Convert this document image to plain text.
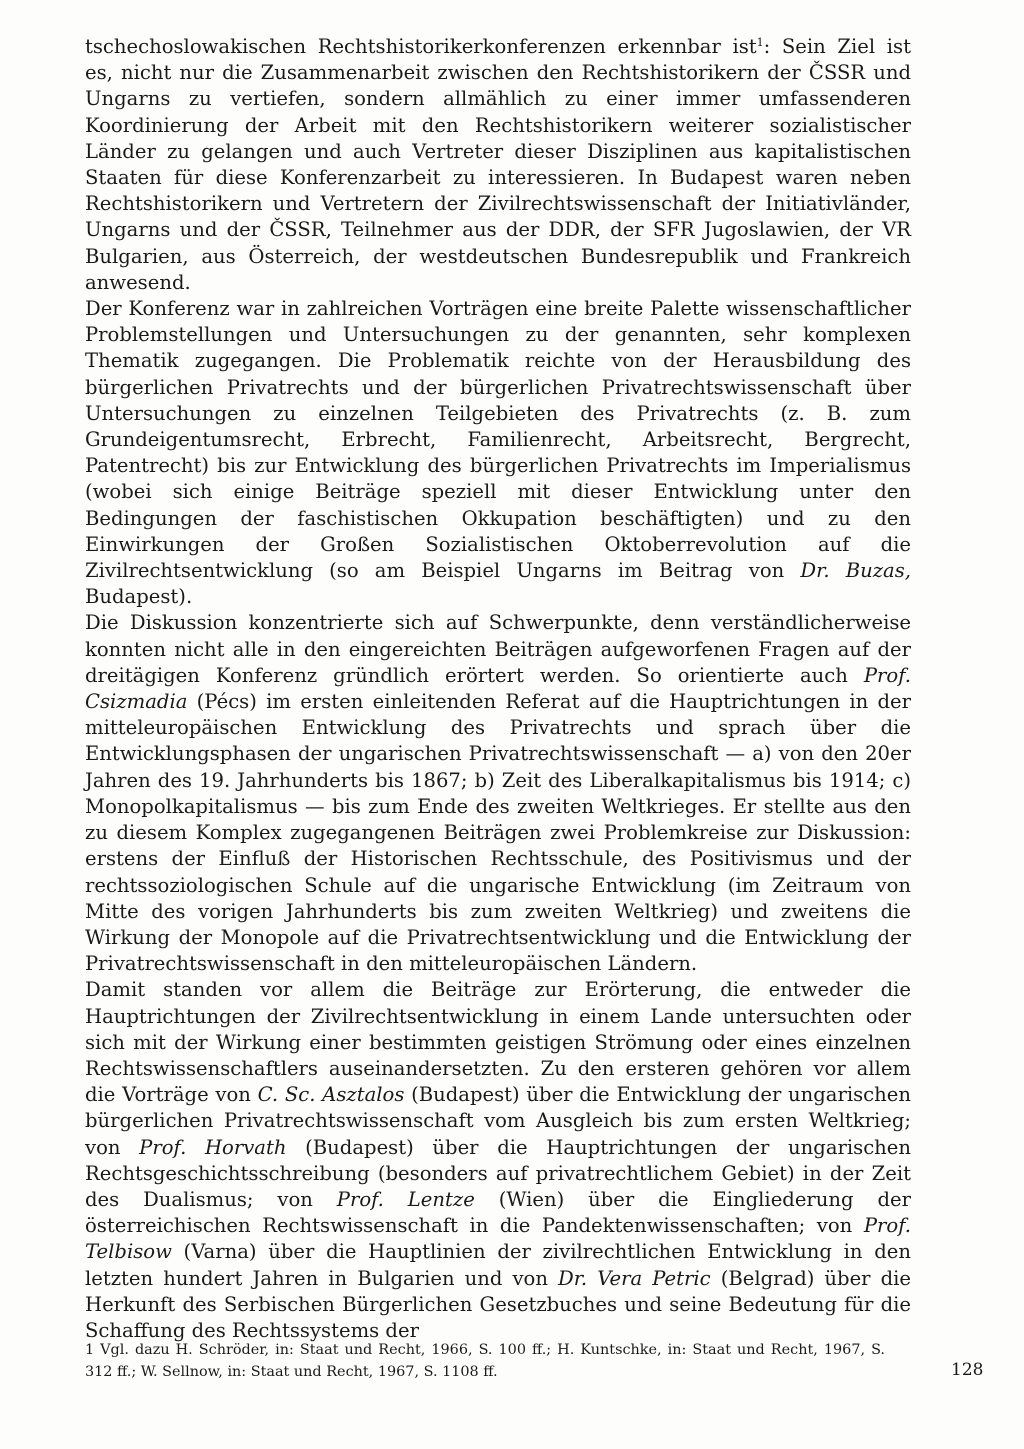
tschechoslowakischen Rechtshistorikerkonferenzen erkennbar ist$^1$: Sein Ziel ist es, nicht nur die Zusammenarbeit zwischen den Rechtshistorikern der ČSSR und Ungarns zu vertiefen, sondern allmählich zu einer immer umfassenderen Koordinierung der Arbeit mit den Rechtshistorikern weiterer sozialistischer Länder zu gelangen und auch Vertreter dieser Disziplinen aus kapitalistischen Staaten für diese Konferenzarbeit zu interessieren. In Budapest waren neben Rechtshistorikern und Vertretern der Zivilrechtswissenschaft der Initiativländer, Ungarns und der ČSSR, Teilnehmer aus der DDR, der SFR Jugoslawien, der VR Bulgarien, aus Österreich, der westdeutschen Bundesrepublik und Frankreich anwesend.

Der Konferenz war in zahlreichen Vorträgen eine breite Palette wissenschaftlicher Problemstellungen und Untersuchungen zu der genannten, sehr komplexen Thematik zugegangen. Die Problematik reichte von der Herausbildung des bürgerlichen Privatrechts und der bürgerlichen Privatrechtswissenschaft über Untersuchungen zu einzelnen Teilgebieten des Privatrechts (z. B. zum Grundeigentumsrecht, Erbrecht, Familienrecht, Arbeitsrecht, Bergrecht, Patentrecht) bis zur Entwicklung des bürgerlichen Privatrechts im Imperialismus (wobei sich einige Beiträge speziell mit dieser Entwicklung unter den Bedingungen der faschistischen Okkupation beschäftigten) und zu den Einwirkungen der Großen Sozialistischen Oktoberrevolution auf die Zivilrechtsentwicklung (so am Beispiel Ungarns im Beitrag von Dr. Buzas, Budapest).

Die Diskussion konzentrierte sich auf Schwerpunkte, denn verständlicherweise konnten nicht alle in den eingereichten Beiträgen aufgeworfenen Fragen auf der dreitägigen Konferenz gründlich erörtert werden. So orientierte auch Prof. Csizmadia (Pécs) im ersten einleitenden Referat auf die Hauptrichtungen in der mitteleuropäischen Entwicklung des Privatrechts und sprach über die Entwicklungsphasen der ungarischen Privatrechtswissenschaft — a) von den 20er Jahren des 19. Jahrhunderts bis 1867; b) Zeit des Liberalkapitalismus bis 1914; c) Monopolkapitalismus — bis zum Ende des zweiten Weltkrieges. Er stellte aus den zu diesem Komplex zugegangenen Beiträgen zwei Problemkreise zur Diskussion: erstens der Einfluß der Historischen Rechtsschule, des Positivismus und der rechtssoziologischen Schule auf die ungarische Entwicklung (im Zeitraum von Mitte des vorigen Jahrhunderts bis zum zweiten Weltkrieg) und zweitens die Wirkung der Monopole auf die Privatrechtsentwicklung und die Entwicklung der Privatrechtswissenschaft in den mitteleuropäischen Ländern.

Damit standen vor allem die Beiträge zur Erörterung, die entweder die Hauptrichtungen der Zivilrechtsentwicklung in einem Lande untersuchten oder sich mit der Wirkung einer bestimmten geistigen Strömung oder eines einzelnen Rechtswissenschaftlers auseinandersetzten. Zu den ersteren gehören vor allem die Vorträge von C. Sc. Asztalos (Budapest) über die Entwicklung der ungarischen bürgerlichen Privatrechtswissenschaft vom Ausgleich bis zum ersten Weltkrieg; von Prof. Horvath (Budapest) über die Hauptrichtungen der ungarischen Rechtsgeschichtsschreibung (besonders auf privatrechtlichem Gebiet) in der Zeit des Dualismus; von Prof. Lentze (Wien) über die Eingliederung der österreichischen Rechtswissenschaft in die Pandektenwissenschaften; von Prof. Telbisow (Varna) über die Hauptlinien der zivilrechtlichen Entwicklung in den letzten hundert Jahren in Bulgarien und von Dr. Vera Petric (Belgrad) über die Herkunft des Serbischen Bürgerlichen Gesetzbuches und seine Bedeutung für die Schaffung des Rechtssystems der

1 Vgl. dazu H. Schröder, in: Staat und Recht, 1966, S. 100 ff.; H. Kuntschke, in: Staat und Recht, 1967, S. 312 ff.; W. Sellnow, in: Staat und Recht, 1967, S. 1108 ff.	128
